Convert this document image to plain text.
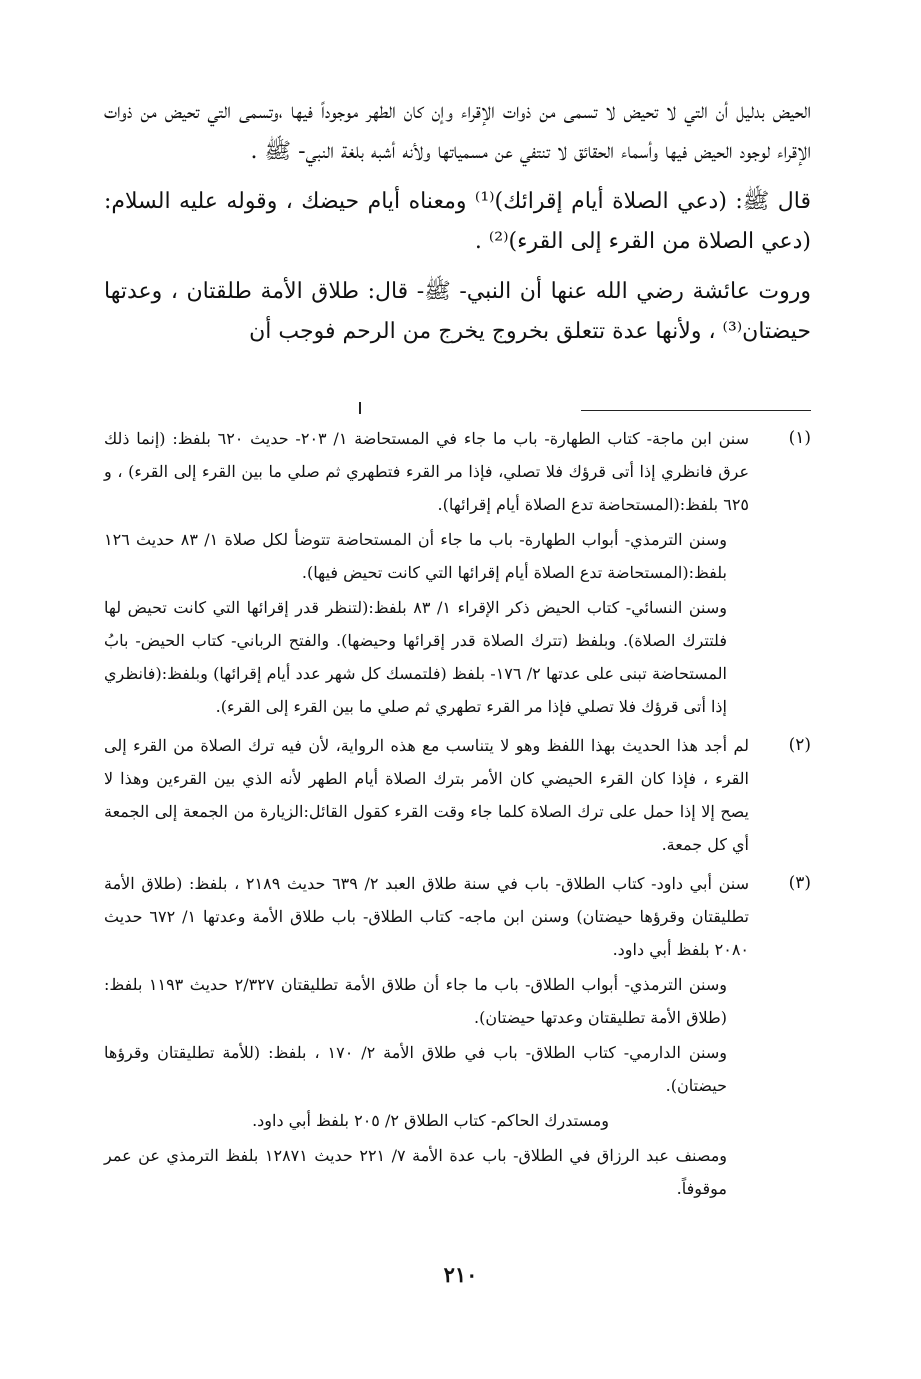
الحيض بدليل أن التي لا تحيض لا تسمى من ذوات الإقراء وإن كان الطهر موجوداً فيها ،وتسمى التي تحيض من ذوات الإقراء لوجود الحيض فيها وأسماء الحقائق لا تنتفي عن مسمياتها ولأنه أشبه بلغة النبي- ﷺ .

قال ﷺ: (دعي الصلاة أيام إقرائك)⁽¹⁾ ومعناه أيام حيضك ، وقوله عليه السلام: (دعي الصلاة من القرء إلى القرء)⁽²⁾ .

وروت عائشة رضي الله عنها أن النبي- ﷺ- قال: طلاق الأمة طلقتان ، وعدتها حيضتان⁽³⁾ ، ولأنها عدة تتعلق بخروج يخرج من الرحم فوجب أن

(١)

سنن ابن ماجة- كتاب الطهارة- باب ما جاء في المستحاضة ١/ ٢٠٣- حديث ٦٢٠ بلفظ: (إنما ذلك عرق فانظري إذا أتى قرؤك فلا تصلي، فإذا مر القرء فتطهري ثم صلي ما بين القرء إلى القرء) ، و ٦٢٥ بلفظ:(المستحاضة تدع الصلاة أيام إقرائها).

وسنن الترمذي- أبواب الطهارة- باب ما جاء أن المستحاضة تتوضأ لكل صلاة ١/ ٨٣ حديث ١٢٦ بلفظ:(المستحاضة تدع الصلاة أيام إقرائها التي كانت تحيض فيها).

وسنن النسائي- كتاب الحيض ذكر الإقراء ١/ ٨٣ بلفظ:(لتنظر قدر إقرائها التي كانت تحيض لها فلتترك الصلاة). وبلفظ (تترك الصلاة قدر إقرائها وحيضها). والفتح الرباني- كتاب الحيض- بابُ المستحاضة تبنى على عدتها ٢/ ١٧٦- بلفظ (فلتمسك كل شهر عدد أيام إقرائها) وبلفظ:(فانظري إذا أتى قرؤك فلا تصلي فإذا مر القرء تطهري ثم صلي ما بين القرء إلى القرء).

(٢)

لم أجد هذا الحديث بهذا اللفظ وهو لا يتناسب مع هذه الرواية، لأن فيه ترك الصلاة من القرء إلى القرء ، فإذا كان القرء الحيضي كان الأمر بترك الصلاة أيام الطهر لأنه الذي بين القرءين وهذا لا يصح إلا إذا حمل على ترك الصلاة كلما جاء وقت القرء كقول القائل:الزيارة من الجمعة إلى الجمعة أي كل جمعة.

(٣)

سنن أبي داود- كتاب الطلاق- باب في سنة طلاق العبد ٢/ ٦٣٩ حديث ٢١٨٩ ، بلفظ: (طلاق الأمة تطليقتان وقرؤها حيضتان) وسنن ابن ماجه- كتاب الطلاق- باب طلاق الأمة وعدتها ١/ ٦٧٢ حديث ٢٠٨٠ بلفظ أبي داود.

وسنن الترمذي- أبواب الطلاق- باب ما جاء أن طلاق الأمة تطليقتان ٢/٣٢٧ حديث ١١٩٣ بلفظ: (طلاق الأمة تطليقتان وعدتها حيضتان).

وسنن الدارمي- كتاب الطلاق- باب في طلاق الأمة ٢/ ١٧٠ ، بلفظ: (للأمة تطليقتان وقرؤها حيضتان).

ومستدرك الحاكم- كتاب الطلاق ٢/ ٢٠٥ بلفظ أبي داود.

ومصنف عبد الرزاق في الطلاق- باب عدة الأمة ٧/ ٢٢١ حديث ١٢٨٧١ بلفظ الترمذي عن عمر موقوفاً.

٢١٠
